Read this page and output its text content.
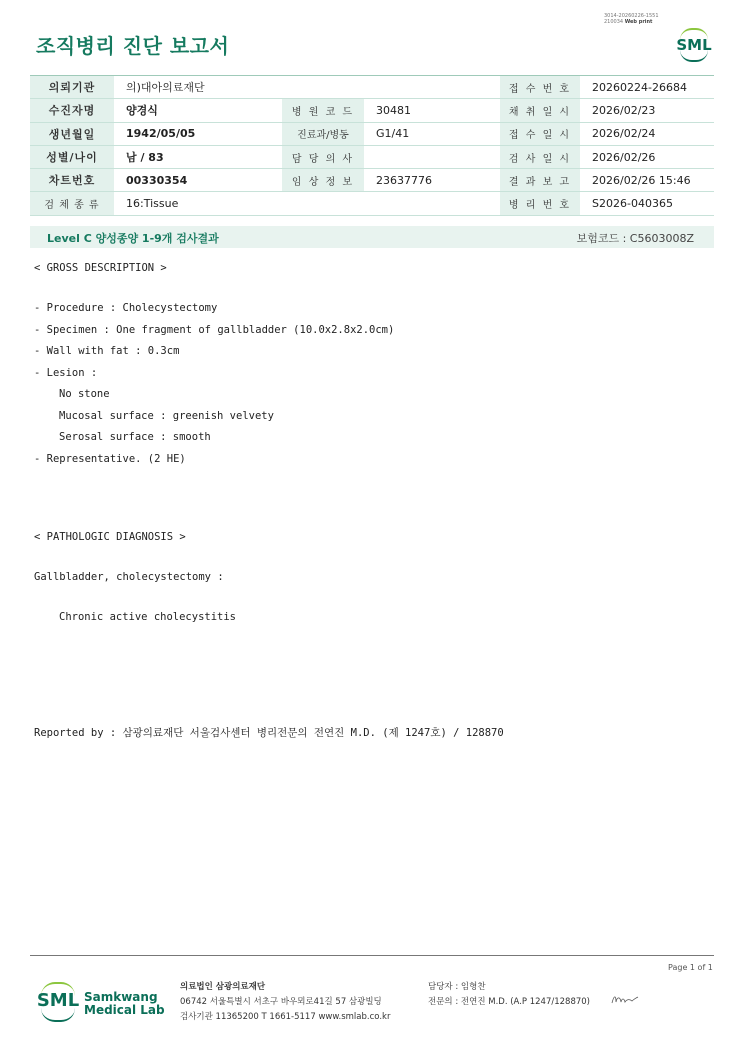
3014-20260226-1551
210034 Web print
조직병리 진단 보고서	SML
의뢰기관	의)대아의료재단			접 수 번 호	20260224-26684
수진자명	양경식	병 원 코 드	30481	채 취 일 시	2026/02/23
생년월일	1942/05/05	진료과/병동	G1/41	접 수 일 시	2026/02/24
성별/나이	남 / 83	담 당 의 사		검 사 일 시	2026/02/26
차트번호	00330354	임 상 정 보	23637776	결 과 보 고	2026/02/26 15:46
검 체 종 류	16:Tissue			병 리 번 호	S2026-040365
Level C 양성종양 1-9개 검사결과	보험코드 : C5603008Z
< GROSS DESCRIPTION >
- Procedure : Cholecystectomy
- Specimen : One fragment of gallbladder (10.0x2.8x2.0cm)
- Wall with fat : 0.3cm
- Lesion :
No stone
Mucosal surface : greenish velvety
Serosal surface : smooth
- Representative. (2 HE)
< PATHOLOGIC DIAGNOSIS >
Gallbladder, cholecystectomy :
Chronic active cholecystitis
Reported by : 삼광의료재단 서울검사센터 병리전문의 전연진 M.D. (제 1247호) / 128870
Page 1 of 1
SML Samkwang
Medical Lab
의료법인 삼광의료재단
06742 서울특별시 서초구 바우뫼로41길 57 삼광빌딩
검사기관 11365200 T 1661-5117 www.smlab.co.kr
담당자 : 임형찬
전문의 : 전연진 M.D. (A.P 1247/128870)
